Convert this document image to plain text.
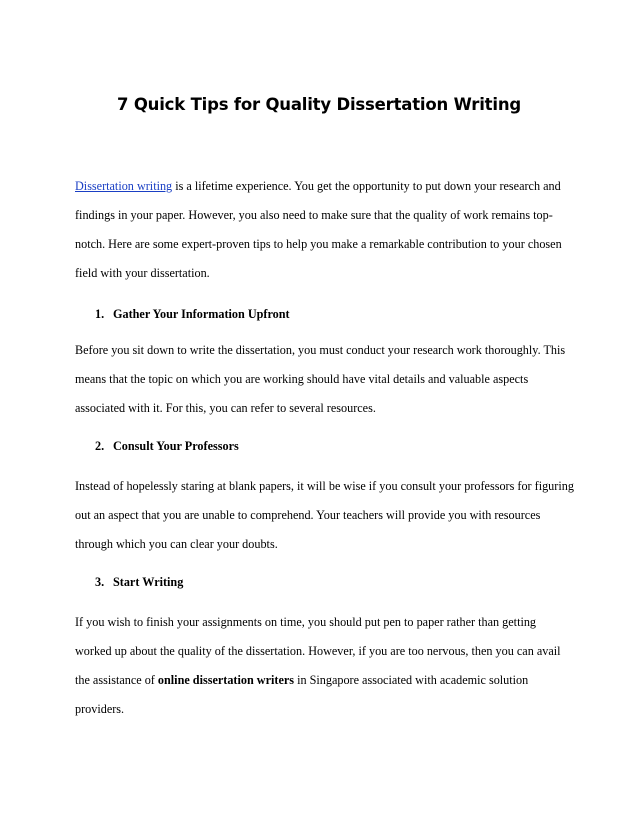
7 Quick Tips for Quality Dissertation Writing

Dissertation writing is a lifetime experience. You get the opportunity to put down your research and findings in your paper. However, you also need to make sure that the quality of work remains top-notch. Here are some expert-proven tips to help you make a remarkable contribution to your chosen field with your dissertation.

1. Gather Your Information Upfront

Before you sit down to write the dissertation, you must conduct your research work thoroughly. This means that the topic on which you are working should have vital details and valuable aspects associated with it. For this, you can refer to several resources.

2. Consult Your Professors

Instead of hopelessly staring at blank papers, it will be wise if you consult your professors for figuring out an aspect that you are unable to comprehend. Your teachers will provide you with resources through which you can clear your doubts.

3. Start Writing

If you wish to finish your assignments on time, you should put pen to paper rather than getting worked up about the quality of the dissertation. However, if you are too nervous, then you can avail the assistance of online dissertation writers in Singapore associated with academic solution providers.
